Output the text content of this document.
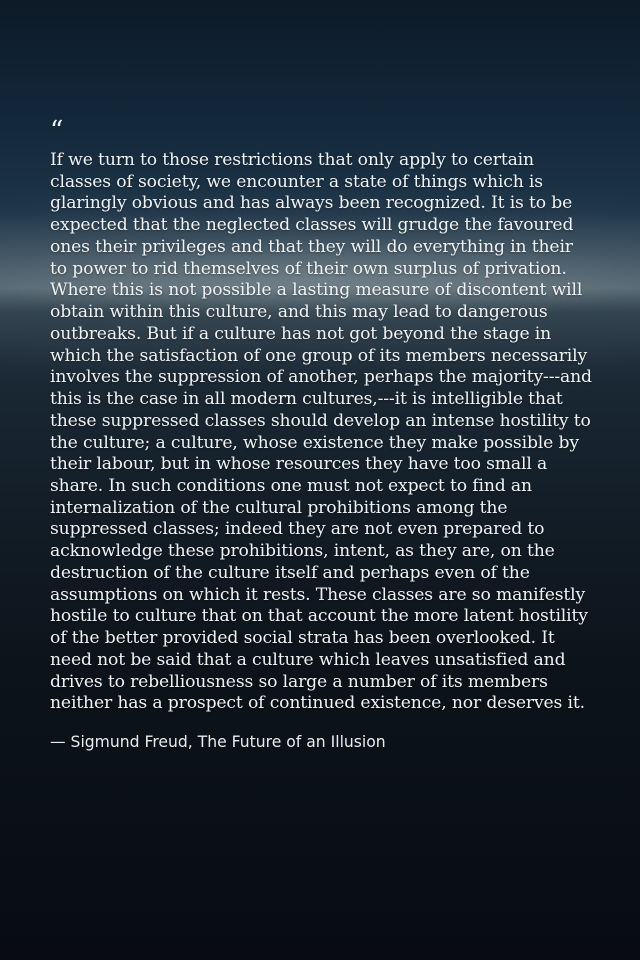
“

If we turn to those restrictions that only apply to certain classes of society, we encounter a state of things which is glaringly obvious and has always been recognized. It is to be expected that the neglected classes will grudge the favoured ones their privileges and that they will do everything in their to power to rid themselves of their own surplus of privation. Where this is not possible a lasting measure of discontent will obtain within this culture, and this may lead to dangerous outbreaks. But if a culture has not got beyond the stage in which the satisfaction of one group of its members necessarily involves the suppression of another, perhaps the majority---and this is the case in all modern cultures,---it is intelligible that these suppressed classes should develop an intense hostility to the culture; a culture, whose existence they make possible by their labour, but in whose resources they have too small a share. In such conditions one must not expect to find an internalization of the cultural prohibitions among the suppressed classes; indeed they are not even prepared to acknowledge these prohibitions, intent, as they are, on the destruction of the culture itself and perhaps even of the assumptions on which it rests. These classes are so manifestly hostile to culture that on that account the more latent hostility of the better provided social strata has been overlooked. It need not be said that a culture which leaves unsatisfied and drives to rebelliousness so large a number of its members neither has a prospect of continued existence, nor deserves it.

— Sigmund Freud, The Future of an Illusion
